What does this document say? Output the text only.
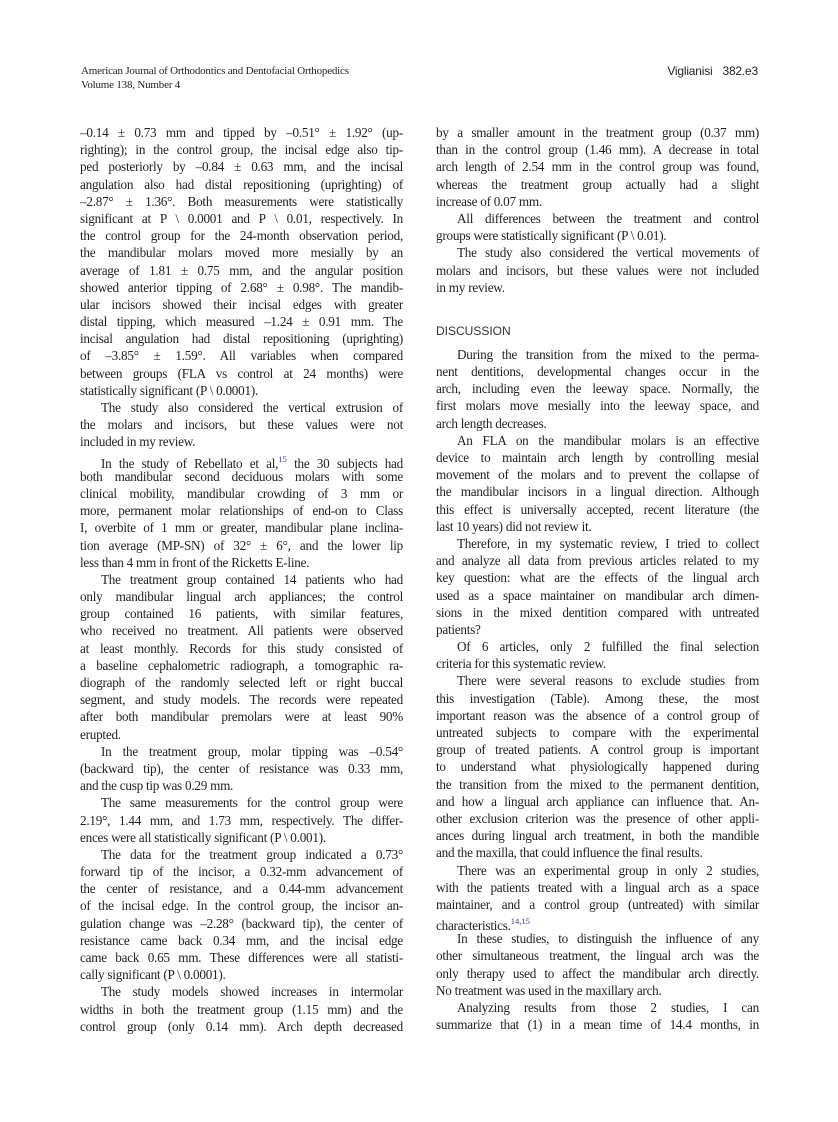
American Journal of Orthodontics and Dentofacial Orthopedics
Volume 138, Number 4
Viglianisi 382.e3
–0.14 ± 0.73 mm and tipped by –0.51° ± 1.92° (up-
righting); in the control group, the incisal edge also tip-
ped posteriorly by –0.84 ± 0.63 mm, and the incisal
angulation also had distal repositioning (uprighting) of
–2.87° ± 1.36°. Both measurements were statistically
significant at P \ 0.0001 and P \ 0.01, respectively. In
the control group for the 24-month observation period,
the mandibular molars moved more mesially by an
average of 1.81 ± 0.75 mm, and the angular position
showed anterior tipping of 2.68° ± 0.98°. The mandib-
ular incisors showed their incisal edges with greater
distal tipping, which measured –1.24 ± 0.91 mm. The
incisal angulation had distal repositioning (uprighting)
of –3.85° ± 1.59°. All variables when compared
between groups (FLA vs control at 24 months) were
statistically significant (P \ 0.0001).
The study also considered the vertical extrusion of
the molars and incisors, but these values were not
included in my review.
In the study of Rebellato et al,$^{15}$ the 30 subjects had
both mandibular second deciduous molars with some
clinical mobility, mandibular crowding of 3 mm or
more, permanent molar relationships of end-on to Class
I, overbite of 1 mm or greater, mandibular plane inclina-
tion average (MP-SN) of 32° ± 6°, and the lower lip
less than 4 mm in front of the Ricketts E-line.
The treatment group contained 14 patients who had
only mandibular lingual arch appliances; the control
group contained 16 patients, with similar features,
who received no treatment. All patients were observed
at least monthly. Records for this study consisted of
a baseline cephalometric radiograph, a tomographic ra-
diograph of the randomly selected left or right buccal
segment, and study models. The records were repeated
after both mandibular premolars were at least 90%
erupted.
In the treatment group, molar tipping was –0.54°
(backward tip), the center of resistance was 0.33 mm,
and the cusp tip was 0.29 mm.
The same measurements for the control group were
2.19°, 1.44 mm, and 1.73 mm, respectively. The differ-
ences were all statistically significant (P \ 0.001).
The data for the treatment group indicated a 0.73°
forward tip of the incisor, a 0.32-mm advancement of
the center of resistance, and a 0.44-mm advancement
of the incisal edge. In the control group, the incisor an-
gulation change was –2.28° (backward tip), the center of
resistance came back 0.34 mm, and the incisal edge
came back 0.65 mm. These differences were all statisti-
cally significant (P \ 0.0001).
The study models showed increases in intermolar
widths in both the treatment group (1.15 mm) and the
control group (only 0.14 mm). Arch depth decreased
by a smaller amount in the treatment group (0.37 mm)
than in the control group (1.46 mm). A decrease in total
arch length of 2.54 mm in the control group was found,
whereas the treatment group actually had a slight
increase of 0.07 mm.
All differences between the treatment and control
groups were statistically significant (P \ 0.01).
The study also considered the vertical movements of
molars and incisors, but these values were not included
in my review.
DISCUSSION
During the transition from the mixed to the perma-
nent dentitions, developmental changes occur in the
arch, including even the leeway space. Normally, the
first molars move mesially into the leeway space, and
arch length decreases.
An FLA on the mandibular molars is an effective
device to maintain arch length by controlling mesial
movement of the molars and to prevent the collapse of
the mandibular incisors in a lingual direction. Although
this effect is universally accepted, recent literature (the
last 10 years) did not review it.
Therefore, in my systematic review, I tried to collect
and analyze all data from previous articles related to my
key question: what are the effects of the lingual arch
used as a space maintainer on mandibular arch dimen-
sions in the mixed dentition compared with untreated
patients?
Of 6 articles, only 2 fulfilled the final selection
criteria for this systematic review.
There were several reasons to exclude studies from
this investigation (Table). Among these, the most
important reason was the absence of a control group of
untreated subjects to compare with the experimental
group of treated patients. A control group is important
to understand what physiologically happened during
the transition from the mixed to the permanent dentition,
and how a lingual arch appliance can influence that. An-
other exclusion criterion was the presence of other appli-
ances during lingual arch treatment, in both the mandible
and the maxilla, that could influence the final results.
There was an experimental group in only 2 studies,
with the patients treated with a lingual arch as a space
maintainer, and a control group (untreated) with similar
characteristics.$^{14,15}$
In these studies, to distinguish the influence of any
other simultaneous treatment, the lingual arch was the
only therapy used to affect the mandibular arch directly.
No treatment was used in the maxillary arch.
Analyzing results from those 2 studies, I can
summarize that (1) in a mean time of 14.4 months, in
